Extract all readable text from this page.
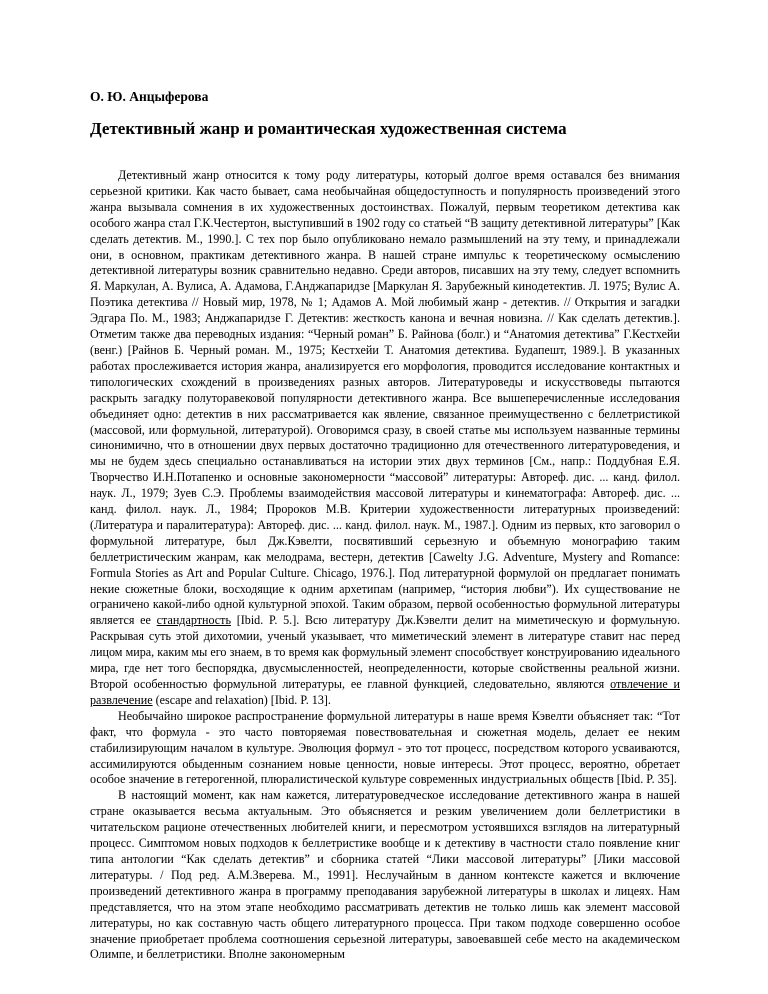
О. Ю. Анцыферова
Детективный жанр и романтическая художественная система

Детективный жанр относится к тому роду литературы, который долгое время оставался без внимания серьезной критики. Как часто бывает, сама необычайная общедоступность и популярность произведений этого жанра вызывала сомнения в их художественных достоинствах. Пожалуй, первым теоретиком детектива как особого жанра стал Г.К.Честертон, выступивший в 1902 году со статьей “В защиту детективной литературы” [Как сделать детектив. М., 1990.]. С тех пор было опубликовано немало размышлений на эту тему, и принадлежали они, в основном, практикам детективного жанра. В нашей стране импульс к теоретическому осмыслению детективной литературы возник сравнительно недавно. Среди авторов, писавших на эту тему, следует вспомнить Я. Маркулан, А. Вулиса, А. Адамова, Г.Анджапаридзе [Маркулан Я. Зарубежный кинодетектив. Л. 1975; Вулис А. Поэтика детектива // Новый мир, 1978, № 1; Адамов А. Мой любимый жанр - детектив. // Открытия и загадки Эдгара По. М., 1983; Анджапаридзе Г. Детектив: жесткость канона и вечная новизна. // Как сделать детектив.]. Отметим также два переводных издания: “Черный роман” Б. Райнова (болг.) и “Анатомия детектива” Г.Кестхейи (венг.) [Райнов Б. Черный роман. М., 1975; Кестхейи Т. Анатомия детектива. Будапешт, 1989.]. В указанных работах прослеживается история жанра, анализируется его морфология, проводится исследование контактных и типологических схождений в произведениях разных авторов. Литературоведы и искусствоведы пытаются раскрыть загадку полуторавековой популярности детективного жанра. Все вышеперечисленные исследования объединяет одно: детектив в них рассматривается как явление, связанное преимущественно с беллетристикой (массовой, или формульной, литературой). Оговоримся сразу, в своей статье мы используем названные термины синонимично, что в отношении двух первых достаточно традиционно для отечественного литературоведения, и мы не будем здесь специально останавливаться на истории этих двух терминов [См., напр.: Поддубная Е.Я. Творчество И.Н.Потапенко и основные закономерности “массовой” литературы: Автореф. дис. ... канд. филол. наук. Л., 1979; Зуев С.Э. Проблемы взаимодействия массовой литературы и кинематографа: Автореф. дис. ... канд. филол. наук. Л., 1984; Пророков М.В. Критерии художественности литературных произведений: (Литература и паралитература): Автореф. дис. ... канд. филол. наук. М., 1987.]. Одним из первых, кто заговорил о формульной литературе, был Дж.Кэвелти, посвятивший серьезную и объемную монографию таким беллетристическим жанрам, как мелодрама, вестерн, детектив [Cawelty J.G. Adventure, Mystery and Romance: Formula Stories as Art and Popular Culture. Chicago, 1976.]. Под литературной формулой он предлагает понимать некие сюжетные блоки, восходящие к одним архетипам (например, “история любви”). Их существование не ограничено какой-либо одной культурной эпохой. Таким образом, первой особенностью формульной литературы является ее стандартность [Ibid. P. 5.]. Всю литературу Дж.Кэвелти делит на миметическую и формульную. Раскрывая суть этой дихотомии, ученый указывает, что миметический элемент в литературе ставит нас перед лицом мира, каким мы его знаем, в то время как формульный элемент способствует конструированию идеального мира, где нет того беспорядка, двусмысленностей, неопределенности, которые свойственны реальной жизни. Второй особенностью формульной литературы, ее главной функцией, следовательно, являются отвлечение и развлечение (escape and relaxation) [Ibid. P. 13].

Необычайно широкое распространение формульной литературы в наше время Кэвелти объясняет так: “Тот факт, что формула - это часто повторяемая повествовательная и сюжетная модель, делает ее неким стабилизирующим началом в культуре. Эволюция формул - это тот процесс, посредством которого усваиваются, ассимилируются обыденным сознанием новые ценности, новые интересы. Этот процесс, вероятно, обретает особое значение в гетерогенной, плюралистической культуре современных индустриальных обществ [Ibid. P. 35].

В настоящий момент, как нам кажется, литературоведческое исследование детективного жанра в нашей стране оказывается весьма актуальным. Это объясняется и резким увеличением доли беллетристики в читательском рационе отечественных любителей книги, и пересмотром устоявшихся взглядов на литературный процесс. Симптомом новых подходов к беллетристике вообще и к детективу в частности стало появление книг типа антологии “Как сделать детектив” и сборника статей “Лики массовой литературы” [Лики массовой литературы. / Под ред. А.М.Зверева. М., 1991]. Неслучайным в данном контексте кажется и включение произведений детективного жанра в программу преподавания зарубежной литературы в школах и лицеях. Нам представляется, что на этом этапе необходимо рассматривать детектив не только лишь как элемент массовой литературы, но как составную часть общего литературного процесса. При таком подходе совершенно особое значение приобретает проблема соотношения серьезной литературы, завоевавшей себе место на академическом Олимпе, и беллетристики. Вполне закономерным
